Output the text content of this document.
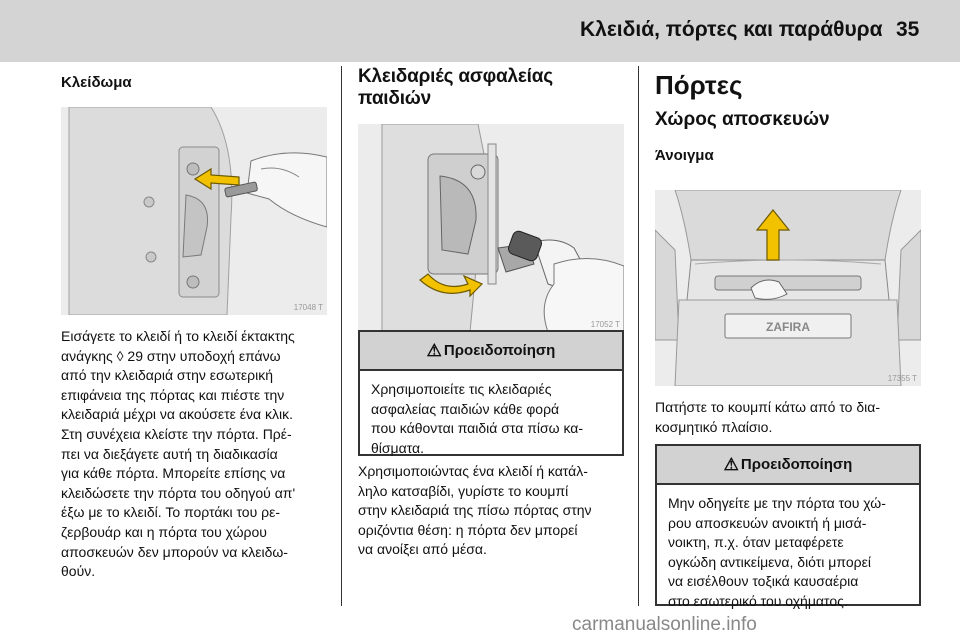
Κλειδιά, πόρτες και παράθυρα 35
Κλείδωμα
17048 T
Εισάγετε το κλειδί ή το κλειδί έκτακτης
ανάγκης ◊ 29 στην υποδοχή επάνω
από την κλειδαριά στην εσωτερική
επιφάνεια της πόρτας και πιέστε την
κλειδαριά μέχρι να ακούσετε ένα κλικ.
Στη συνέχεια κλείστε την πόρτα. Πρέ-
πει να διεξάγετε αυτή τη διαδικασία
για κάθε πόρτα. Μπορείτε επίσης να
κλειδώσετε την πόρτα του οδηγού απ'
έξω με το κλειδί. Το πορτάκι του ρε-
ζερβουάρ και η πόρτα του χώρου
αποσκευών δεν μπορούν να κλειδω-
θούν.
Κλειδαριές ασφαλείας παιδιών
17052 T
⚠ Προειδοποίηση
Χρησιμοποιείτε τις κλειδαριές
ασφαλείας παιδιών κάθε φορά
που κάθονται παιδιά στα πίσω κα-
θίσματα.
Χρησιμοποιώντας ένα κλειδί ή κατάλ-
ληλο κατσαβίδι, γυρίστε το κουμπί
στην κλειδαριά της πίσω πόρτας στην
οριζόντια θέση: η πόρτα δεν μπορεί
να ανοίξει από μέσα.
Πόρτες
Χώρος αποσκευών
Άνοιγμα
ZAFIRA
17355 T
Πατήστε το κουμπί κάτω από το δια-
κοσμητικό πλαίσιο.
⚠ Προειδοποίηση
Μην οδηγείτε με την πόρτα του χώ-
ρου αποσκευών ανοικτή ή μισά-
νοικτη, π.χ. όταν μεταφέρετε
ογκώδη αντικείμενα, διότι μπορεί
να εισέλθουν τοξικά καυσαέρια
στο εσωτερικό του οχήματος.
carmanualsonline.info
